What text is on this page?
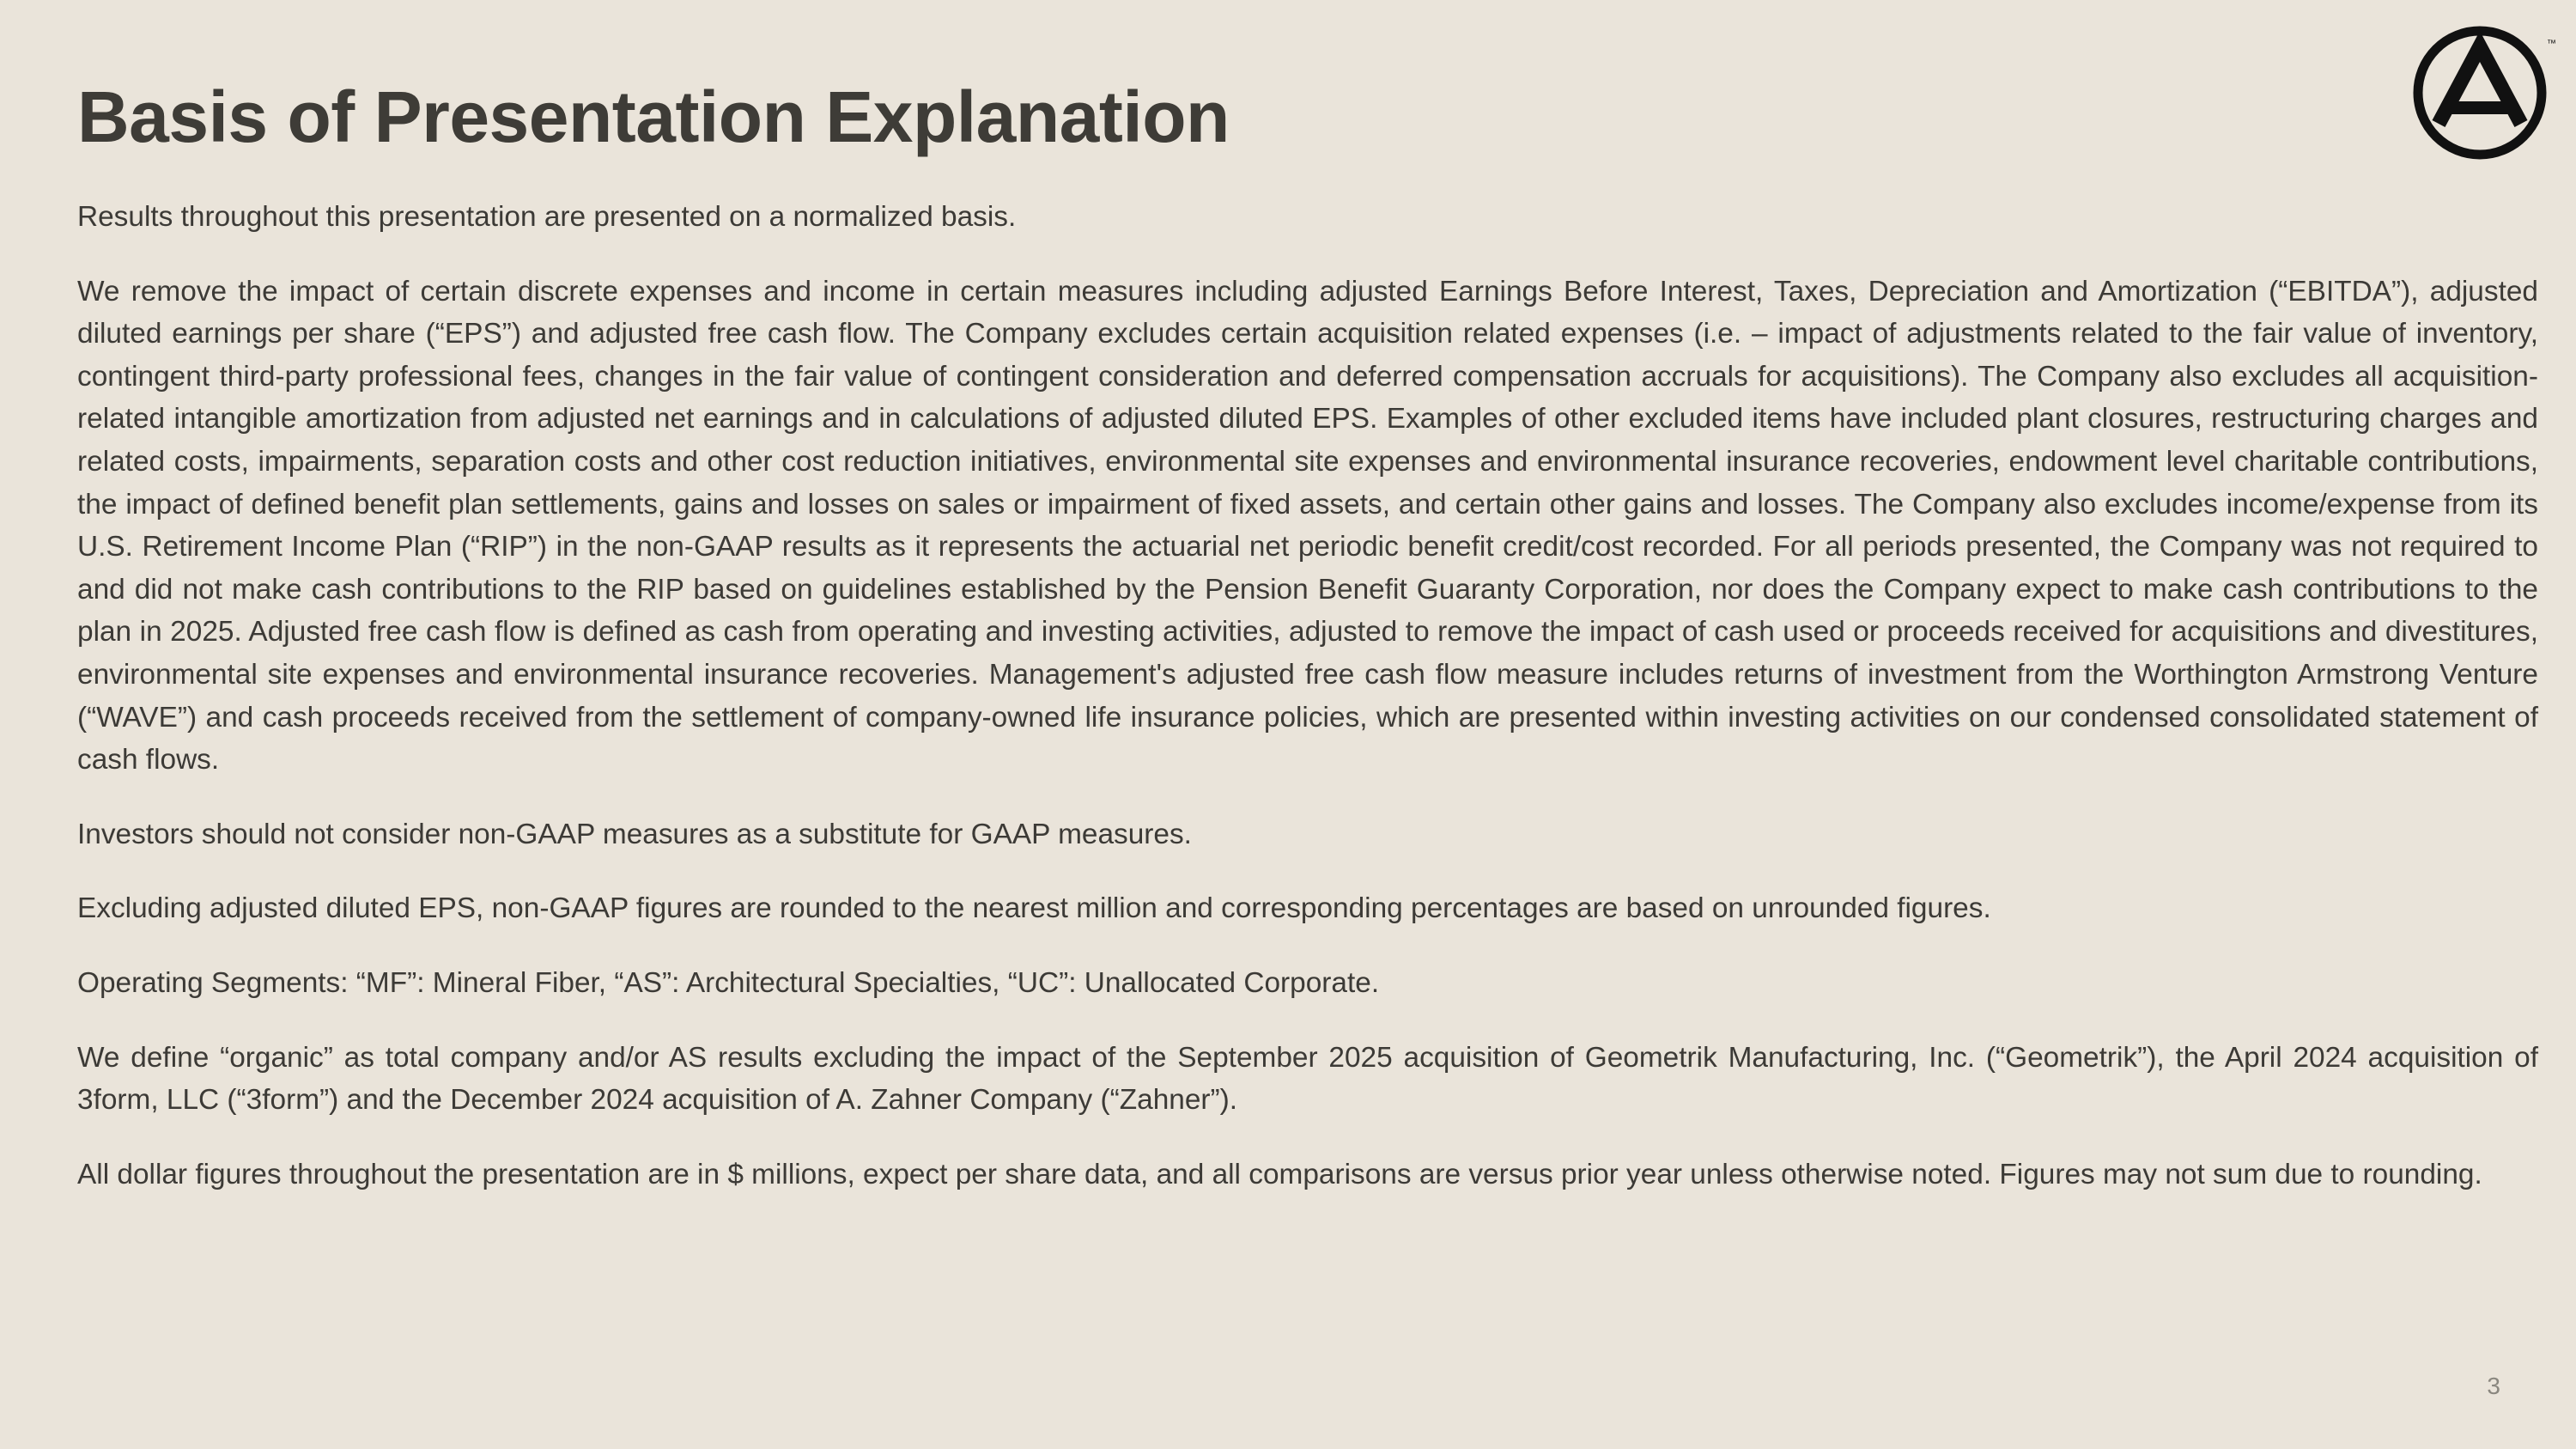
Basis of Presentation Explanation
™

Results throughout this presentation are presented on a normalized basis.

We remove the impact of certain discrete expenses and income in certain measures including adjusted Earnings Before Interest, Taxes, Depreciation and Amortization (“EBITDA”), adjusted diluted earnings per share (“EPS”) and adjusted free cash flow. The Company excludes certain acquisition related expenses (i.e. – impact of adjustments related to the fair value of inventory, contingent third-party professional fees, changes in the fair value of contingent consideration and deferred compensation accruals for acquisitions). The Company also excludes all acquisition-related intangible amortization from adjusted net earnings and in calculations of adjusted diluted EPS. Examples of other excluded items have included plant closures, restructuring charges and related costs, impairments, separation costs and other cost reduction initiatives, environmental site expenses and environmental insurance recoveries, endowment level charitable contributions, the impact of defined benefit plan settlements, gains and losses on sales or impairment of fixed assets, and certain other gains and losses. The Company also excludes income/expense from its U.S. Retirement Income Plan (“RIP”) in the non-GAAP results as it represents the actuarial net periodic benefit credit/cost recorded. For all periods presented, the Company was not required to and did not make cash contributions to the RIP based on guidelines established by the Pension Benefit Guaranty Corporation, nor does the Company expect to make cash contributions to the plan in 2025. Adjusted free cash flow is defined as cash from operating and investing activities, adjusted to remove the impact of cash used or proceeds received for acquisitions and divestitures, environmental site expenses and environmental insurance recoveries. Management's adjusted free cash flow measure includes returns of investment from the Worthington Armstrong Venture (“WAVE”) and cash proceeds received from the settlement of company-owned life insurance policies, which are presented within investing activities on our condensed consolidated statement of cash flows.

Investors should not consider non-GAAP measures as a substitute for GAAP measures.

Excluding adjusted diluted EPS, non-GAAP figures are rounded to the nearest million and corresponding percentages are based on unrounded figures.

Operating Segments: “MF”: Mineral Fiber, “AS”: Architectural Specialties, “UC”: Unallocated Corporate.

We define “organic” as total company and/or AS results excluding the impact of the September 2025 acquisition of Geometrik Manufacturing, Inc. (“Geometrik”), the April 2024 acquisition of 3form, LLC (“3form”) and the December 2024 acquisition of A. Zahner Company (“Zahner”).

All dollar figures throughout the presentation are in $ millions, expect per share data, and all comparisons are versus prior year unless otherwise noted. Figures may not sum due to rounding.

3
